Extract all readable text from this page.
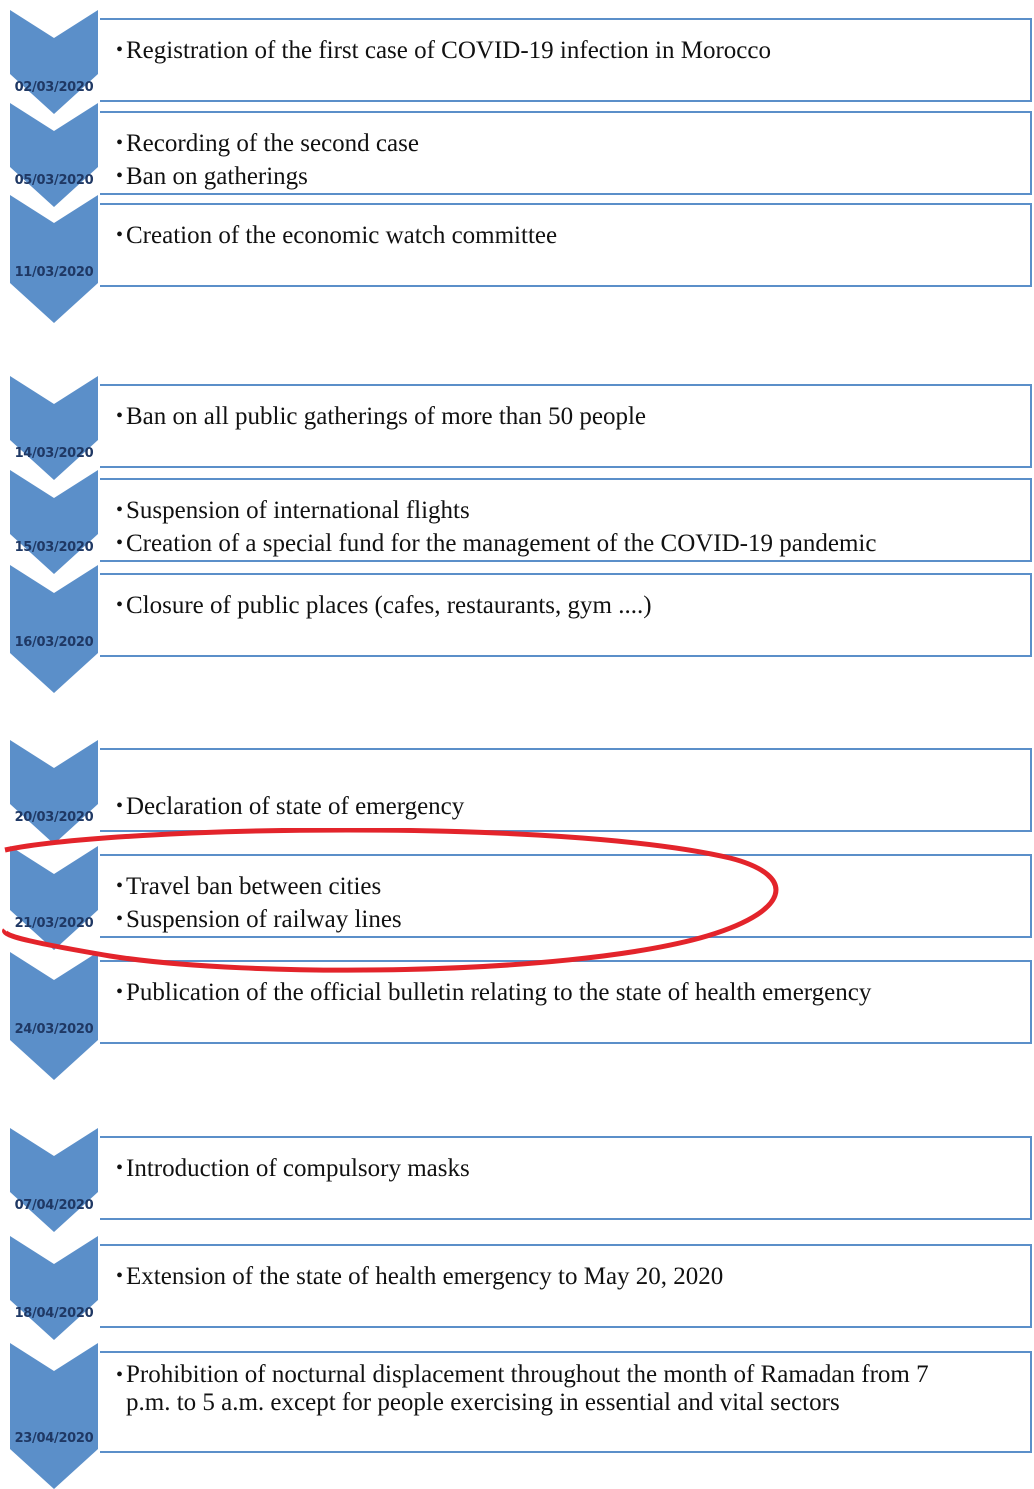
02/03/2020
• Registration of the first case of COVID-19 infection in Morocco
05/03/2020
• Recording of the second case
• Ban on gatherings
11/03/2020
• Creation of the economic watch committee
14/03/2020
• Ban on all public gatherings of more than 50 people
15/03/2020
• Suspension of international flights
• Creation of a special fund for the management of the COVID-19 pandemic
16/03/2020
• Closure of public places (cafes, restaurants, gym ....)
20/03/2020	• Declaration of state of emergency
21/03/2020
• Travel ban between cities
• Suspension of railway lines
24/03/2020
• Publication of the official bulletin relating to the state of health emergency
07/04/2020
• Introduction of compulsory masks
18/04/2020
• Extension of the state of health emergency to May 20, 2020
23/04/2020
• Prohibition of nocturnal displacement throughout the month of Ramadan from 7
p.m. to 5 a.m. except for people exercising in essential and vital sectors
